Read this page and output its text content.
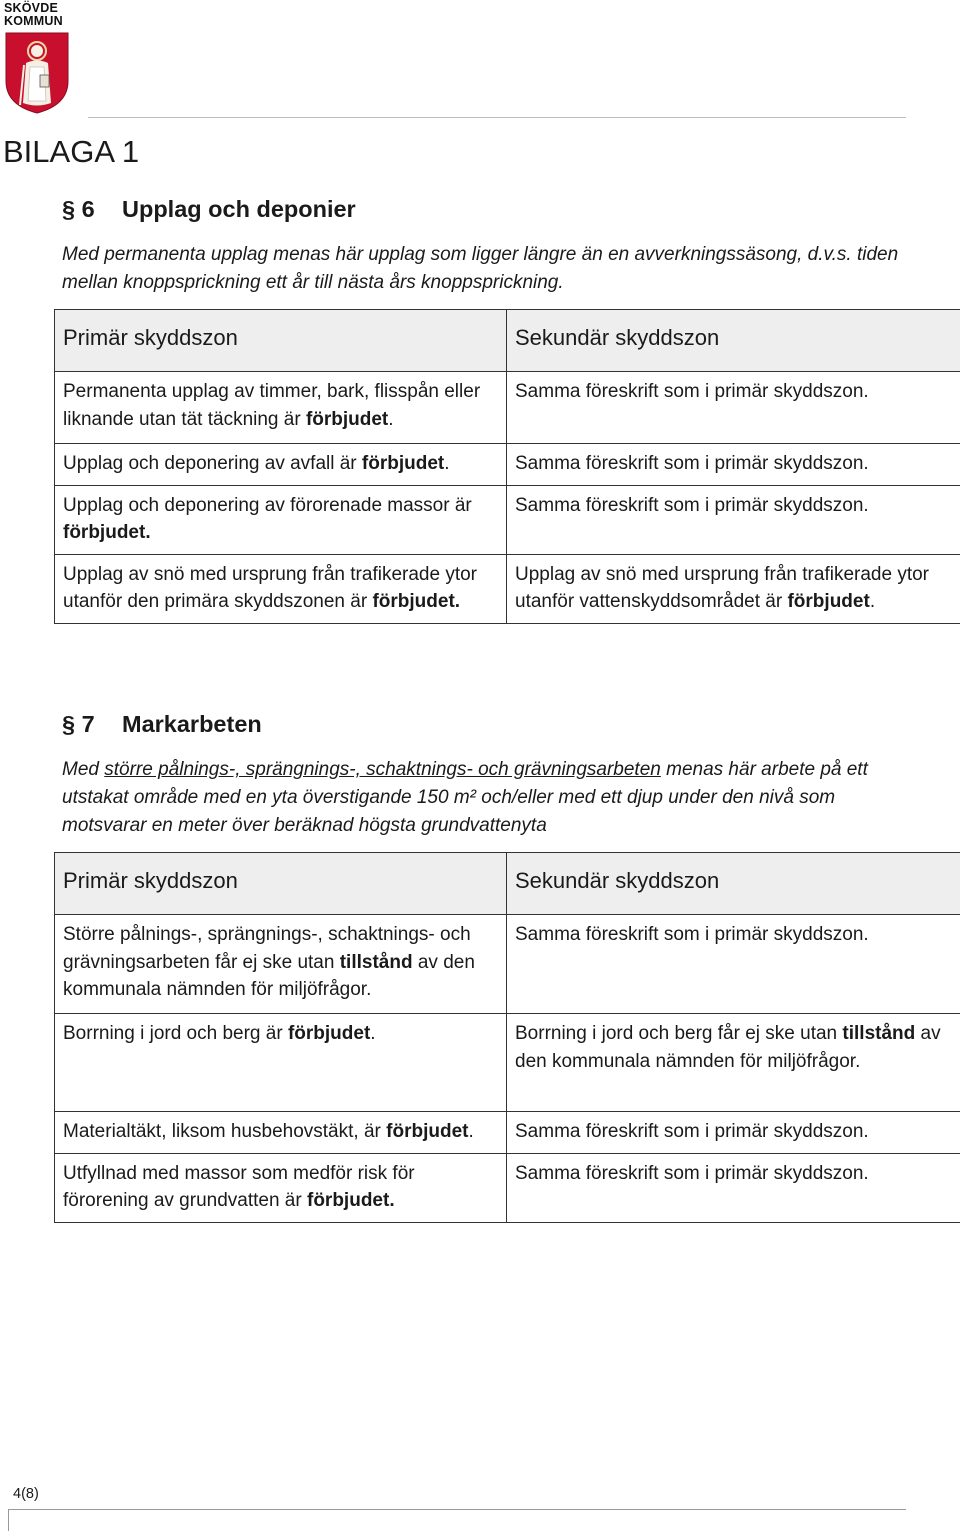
SKÖVDE
KOMMUN
BILAGA 1
§ 6 Upplag och deponier

Med permanenta upplag menas här upplag som ligger längre än en avverkningssäsong, d.v.s. tiden mellan knoppsprickning ett år till nästa års knoppsprickning.

Primär skyddszon	Sekundär skyddszon
Permanenta upplag av timmer, bark, flisspån eller liknande utan tät täckning är förbjudet.	Samma föreskrift som i primär skyddszon.
Upplag och deponering av avfall är förbjudet.	Samma föreskrift som i primär skyddszon.
Upplag och deponering av förorenade massor är förbjudet.	Samma föreskrift som i primär skyddszon.
Upplag av snö med ursprung från trafikerade ytor utanför den primära skyddszonen är förbjudet.	Upplag av snö med ursprung från trafikerade ytor utanför vattenskyddsområdet är förbjudet.
§ 7 Markarbeten

Med större pålnings-, sprängnings-, schaktnings- och grävningsarbeten menas här arbete på ett utstakat område med en yta överstigande 150 m² och/eller med ett djup under den nivå som motsvarar en meter över beräknad högsta grundvattenyta

Primär skyddszon	Sekundär skyddszon
Större pålnings-, sprängnings-, schaktnings- och grävningsarbeten får ej ske utan tillstånd av den kommunala nämnden för miljöfrågor.	Samma föreskrift som i primär skyddszon.
Borrning i jord och berg är förbjudet.	Borrning i jord och berg får ej ske utan tillstånd av den kommunala nämnden för miljöfrågor.
Materialtäkt, liksom husbehovstäkt, är förbjudet.	Samma föreskrift som i primär skyddszon.
Utfyllnad med massor som medför risk för förorening av grundvatten är förbjudet.	Samma föreskrift som i primär skyddszon.
4(8)
